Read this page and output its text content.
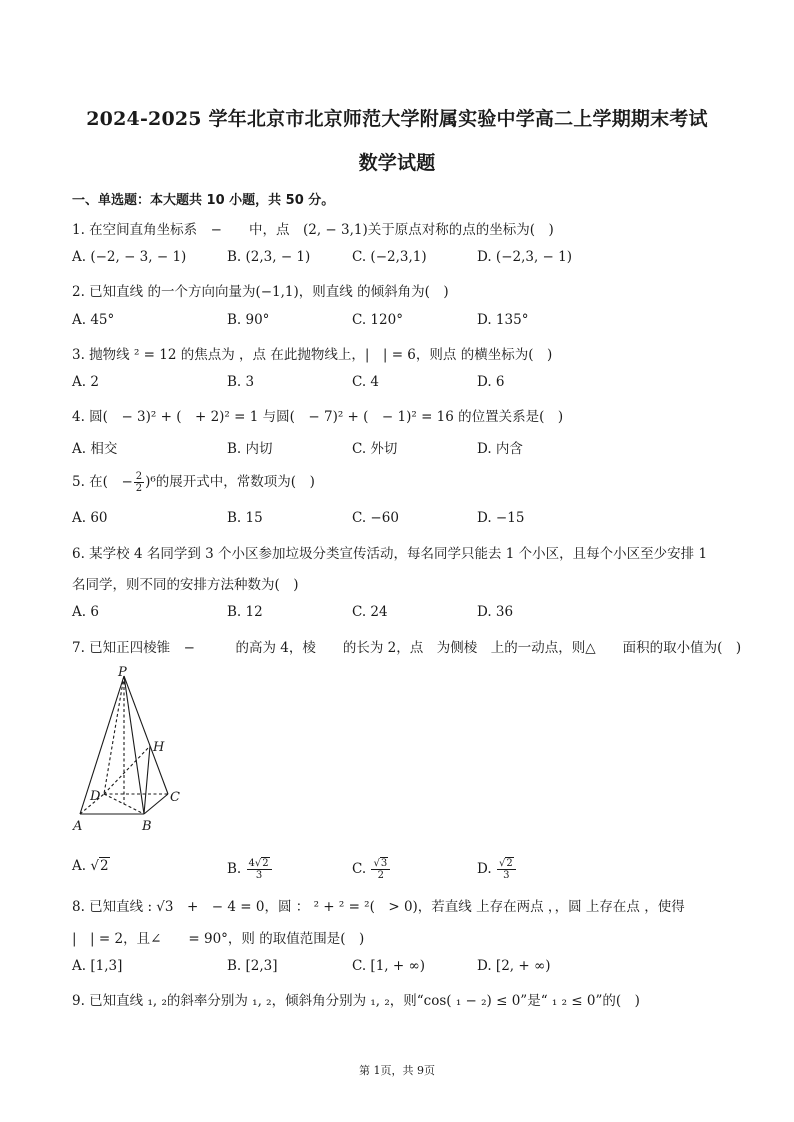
2024-2025 学年北京市北京师范大学附属实验中学高二上学期期末考试
数学试题
一、单选题：本大题共 10 小题，共 50 分。
1. 在空间直角坐标系　−　　中，点　(2, − 3,1)关于原点对称的点的坐标为(　)
A. (−2, − 3, − 1)	B. (2,3, − 1)	C. (−2,3,1)	D. (−2,3, − 1)
2. 已知直线 的一个方向向量为(−1,1)，则直线 的倾斜角为(　)
A. 45°	B. 90°	C. 120°	D. 135°
3. 抛物线 ² = 12 的焦点为 ，点 在此抛物线上，|　| = 6，则点 的横坐标为(　)
A. 2	B. 3	C. 4	D. 6
4. 圆(　− 3)² + (　+ 2)² = 1 与圆(　− 7)² + (　− 1)² = 16 的位置关系是(　)
A. 相交	B. 内切	C. 外切	D. 内含
5. 在(　− $\frac{2}{2} )^6$的展开式中，常数项为(　)
A. 60	B. 15	C. −60	D. −15
6. 某学校 4 名同学到 3 个小区参加垃圾分类宣传活动，每名同学只能去 1 个小区，且每个小区至少安排 1
名同学，则不同的安排方法种数为(　)
A. 6	B. 12	C. 24	D. 36
7. 已知正四棱锥　−　　　的高为 4，棱　　的长为 2，点　为侧棱　上的一动点，则△　　面积的取小值为(　)
P
H
D	C
A	B
A. √2	B. $\frac{4√2}{3}$	C. $\frac{√3}{2}$	D. $\frac{√2}{3}$
8. 已知直线 : √3　+　− 4 = 0，圆 ： ² + ² = ²(　> 0)，若直线 上存在两点 ，，圆 上存在点 ，使得
|　| = 2，且∠　　= 90°，则 的取值范围是(　)
A. [1,3]	B. [2,3]	C. [1, + ∞)	D. [2, + ∞)
9. 已知直线 ₁, ₂的斜率分别为 ₁, ₂，倾斜角分别为 ₁, ₂，则“cos( ₁ − ₂) ≤ 0”是“ ₁ ₂ ≤ 0”的(　)
第 1页，共 9页
